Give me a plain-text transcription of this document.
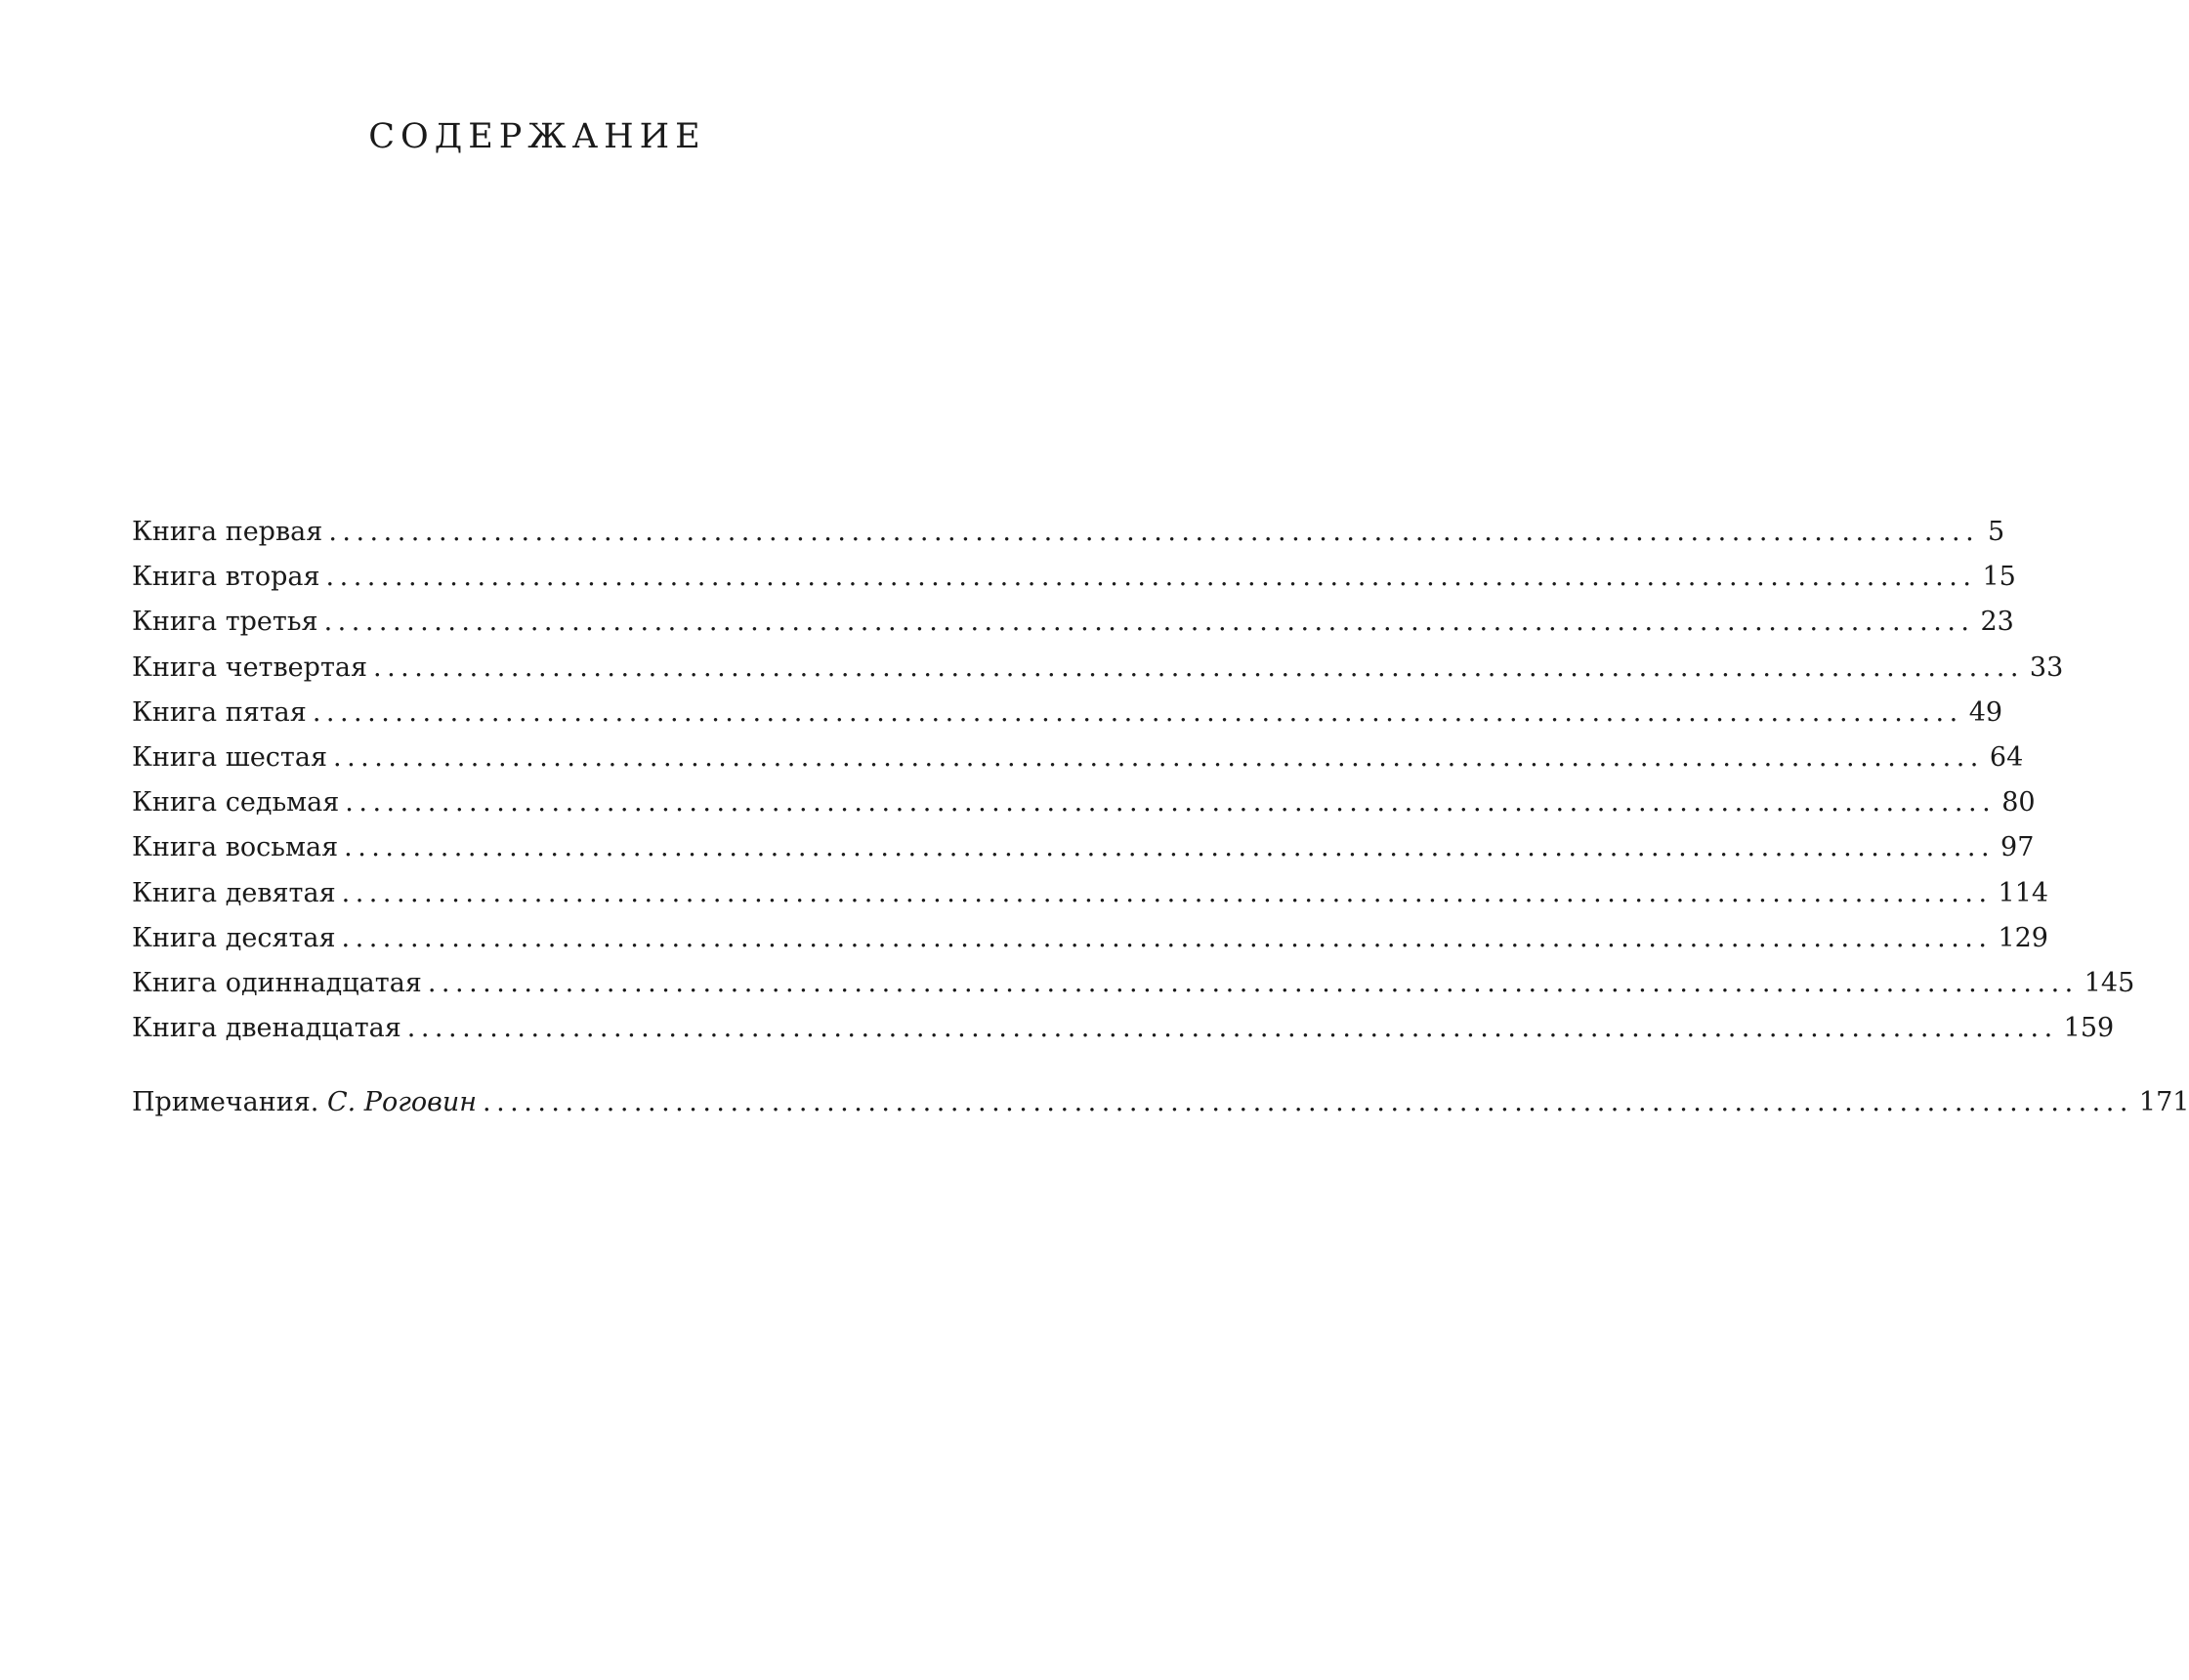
СОДЕРЖАНИЕ
Книга первая ........................................................................................................................ 5
Книга вторая ........................................................................................................................ 15
Книга третья ........................................................................................................................ 23
Книга четвертая ........................................................................................................................ 33
Книга пятая ........................................................................................................................ 49
Книга шестая ........................................................................................................................ 64
Книга седьмая ........................................................................................................................ 80
Книга восьмая ........................................................................................................................ 97
Книга девятая ........................................................................................................................ 114
Книга десятая ........................................................................................................................ 129
Книга одиннадцатая ........................................................................................................................ 145
Книга двенадцатая ........................................................................................................................ 159
Примечания. С. Роговин ........................................................................................................................ 171
